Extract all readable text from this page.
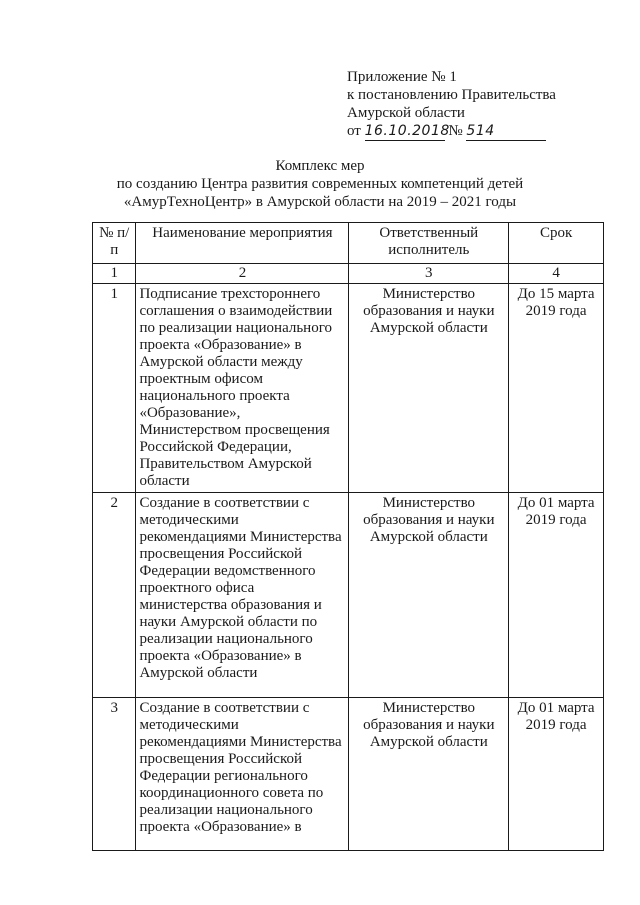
Приложение № 1
к постановлению Правительства
Амурской области
от 16.10.2018 № 514
Комплекс мер
по созданию Центра развития современных компетенций детей
«АмурТехноЦентр» в Амурской области на 2019 – 2021 годы
№ п/п	Наименование мероприятия	Ответственный исполнитель	Срок
1	2	3	4
1	Подписание трехстороннего соглашения о взаимодействии по реализации национального проекта «Образование» в Амурской области между проектным офисом национального проекта «Образование», Министерством просвещения Российской Федерации, Правительством Амурской области	Министерство образования и науки Амурской области	До 15 марта 2019 года
2	Создание в соответствии с методическими рекомендациями Министерства просвещения Российской Федерации ведомственного проектного офиса министерства образования и науки Амурской области по реализации национального проекта «Образование» в Амурской области	Министерство образования и науки Амурской области	До 01 марта 2019 года
3	Создание в соответствии с методическими рекомендациями Министерства просвещения Российской Федерации регионального координационного совета по реализации национального проекта «Образование» в	Министерство образования и науки Амурской области	До 01 марта 2019 года
